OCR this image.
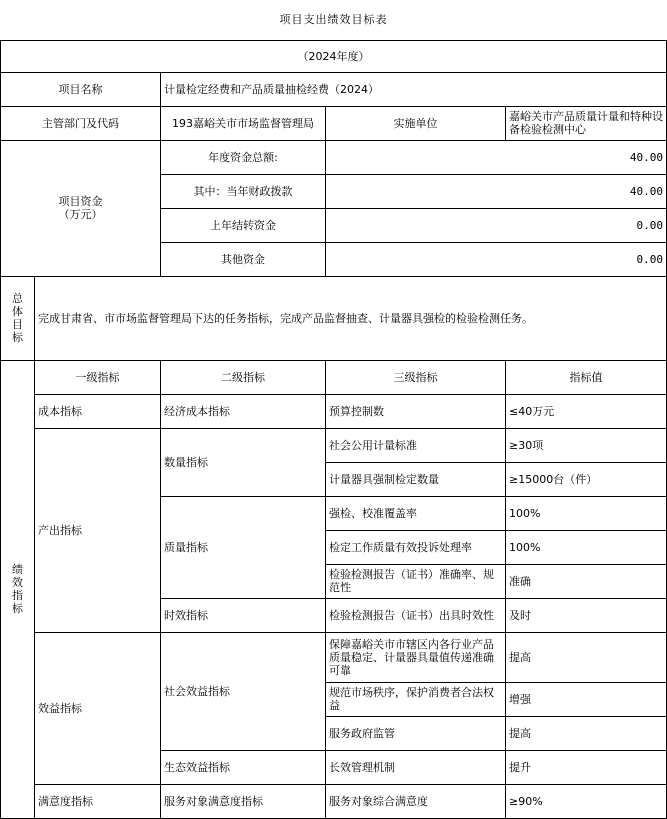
项目支出绩效目标表				
（2024年度）				
项目名称		计量检定经费和产品质量抽检经费（2024）		
主管部门及代码		193嘉峪关市市场监督管理局	实施单位	嘉峪关市产品质量计量和特种设备检验检测中心

项目资金
（万元）		年度资金总额:	40.00	
		其中：当年财政拨款	40.00	
		上年结转资金	0.00	
		其他资金	0.00	

总
体
目
标	完成甘肃省、市市场监督管理局下达的任务指标，完成产品监督抽查、计量器具强检的检验检测任务。			

绩
效
指
标	一级指标	二级指标	三级指标	指标值
	成本指标	经济成本指标	预算控制数	≤40万元
	产出指标	数量指标	社会公用计量标准	≥30项
			计量器具强制检定数量	≥15000台（件）
		质量指标	强检、校准覆盖率	100%
			检定工作质量有效投诉处理率	100%
			检验检测报告（证书）准确率、规范性	准确
		时效指标	检验检测报告（证书）出具时效性	及时
	效益指标	社会效益指标	保障嘉峪关市市辖区内各行业产品质量稳定、计量器具量值传递准确可靠	提高
			规范市场秩序，保护消费者合法权益	增强
			服务政府监管	提高
		生态效益指标	长效管理机制	提升
	满意度指标	服务对象满意度指标	服务对象综合满意度	≥90%
